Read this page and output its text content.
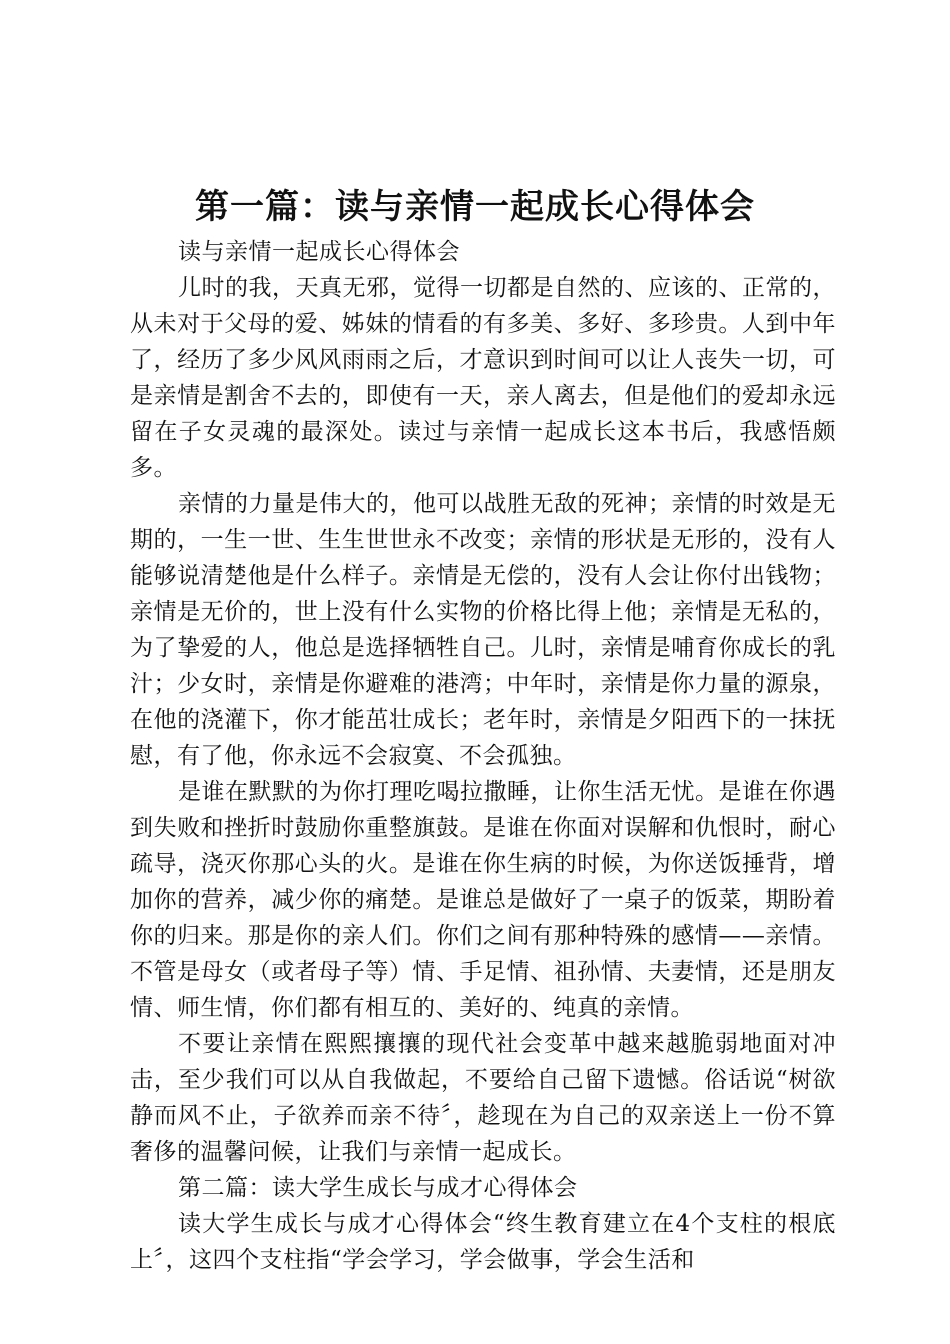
第一篇：读与亲情一起成长心得体会

读与亲情一起成长心得体会

儿时的我，天真无邪，觉得一切都是自然的、应该的、正常的，从未对于父母的爱、姊妹的情看的有多美、多好、多珍贵。人到中年了，经历了多少风风雨雨之后，才意识到时间可以让人丧失一切，可是亲情是割舍不去的，即使有一天，亲人离去，但是他们的爱却永远留在子女灵魂的最深处。读过与亲情一起成长这本书后，我感悟颇多。

亲情的力量是伟大的，他可以战胜无敌的死神；亲情的时效是无期的，一生一世、生生世世永不改变；亲情的形状是无形的，没有人能够说清楚他是什么样子。亲情是无偿的，没有人会让你付出钱物；亲情是无价的，世上没有什么实物的价格比得上他；亲情是无私的，为了挚爱的人，他总是选择牺牲自己。儿时，亲情是哺育你成长的乳汁；少女时，亲情是你避难的港湾；中年时，亲情是你力量的源泉，在他的浇灌下，你才能茁壮成长；老年时，亲情是夕阳西下的一抹抚慰，有了他，你永远不会寂寞、不会孤独。

是谁在默默的为你打理吃喝拉撒睡，让你生活无忧。是谁在你遇到失败和挫折时鼓励你重整旗鼓。是谁在你面对误解和仇恨时，耐心疏导，浇灭你那心头的火。是谁在你生病的时候，为你送饭捶背，增加你的营养，减少你的痛楚。是谁总是做好了一桌子的饭菜，期盼着你的归来。那是你的亲人们。你们之间有那种特殊的感情——亲情。不管是母女（或者母子等）情、手足情、祖孙情、夫妻情，还是朋友情、师生情，你们都有相互的、美好的、纯真的亲情。

不要让亲情在熙熙攘攘的现代社会变革中越来越脆弱地面对冲击，至少我们可以从自我做起，不要给自己留下遗憾。俗话说“树欲静而风不止，子欲养而亲不待〞，趁现在为自己的双亲送上一份不算奢侈的温馨问候，让我们与亲情一起成长。

第二篇：读大学生成长与成才心得体会

读大学生成长与成才心得体会“终生教育建立在4个支柱的根底上〞，这四个支柱指“学会学习，学会做事，学会生活和
